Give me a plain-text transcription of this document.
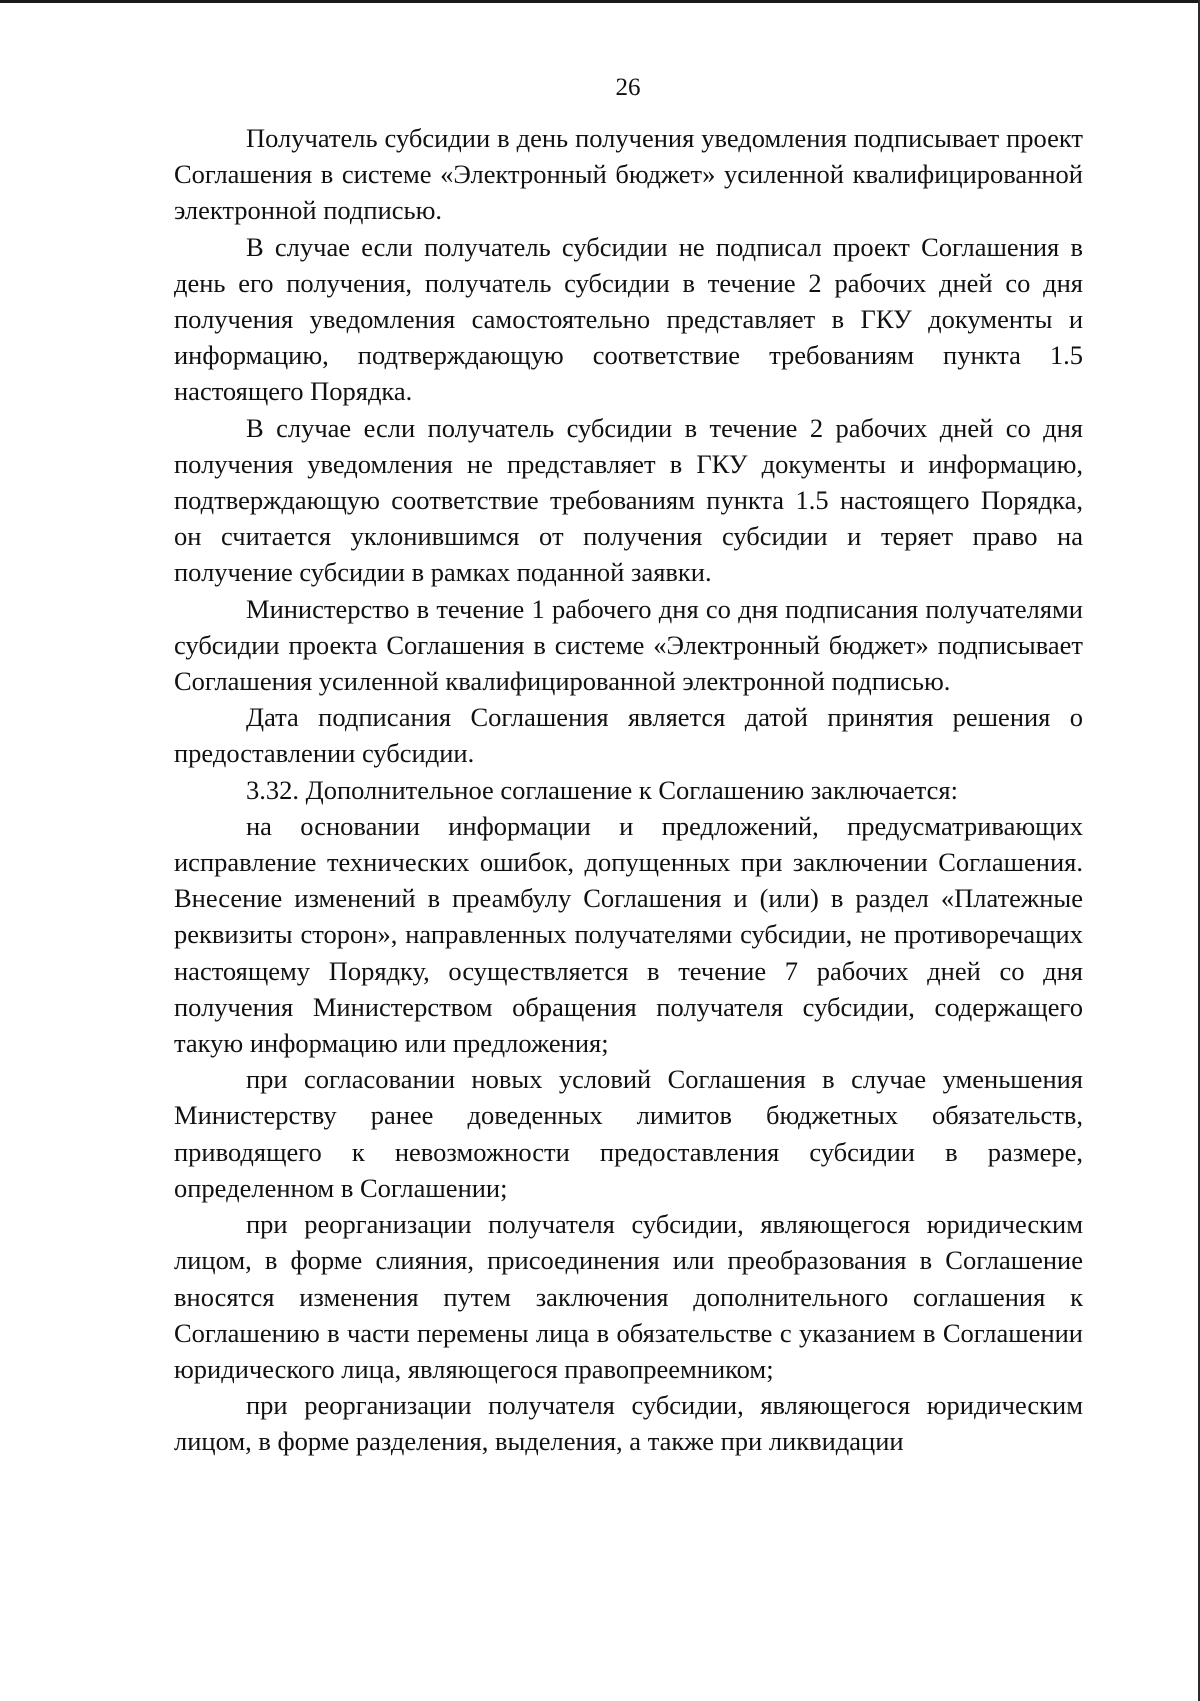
26

Получатель субсидии в день получения уведомления подписывает проект Соглашения в системе «Электронный бюджет» усиленной квалифицированной электронной подписью.

В случае если получатель субсидии не подписал проект Соглашения в день его получения, получатель субсидии в течение 2 рабочих дней со дня получения уведомления самостоятельно представляет в ГКУ документы и информацию, подтверждающую соответствие требованиям пункта 1.5 настоящего Порядка.

В случае если получатель субсидии в течение 2 рабочих дней со дня получения уведомления не представляет в ГКУ документы и информацию, подтверждающую соответствие требованиям пункта 1.5 настоящего Порядка, он считается уклонившимся от получения субсидии и теряет право на получение субсидии в рамках поданной заявки.

Министерство в течение 1 рабочего дня со дня подписания получателями субсидии проекта Соглашения в системе «Электронный бюджет» подписывает Соглашения усиленной квалифицированной электронной подписью.

Дата подписания Соглашения является датой принятия решения о предоставлении субсидии.

3.32. Дополнительное соглашение к Соглашению заключается:

на основании информации и предложений, предусматривающих исправление технических ошибок, допущенных при заключении Соглашения. Внесение изменений в преамбулу Соглашения и (или) в раздел «Платежные реквизиты сторон», направленных получателями субсидии, не противоречащих настоящему Порядку, осуществляется в течение 7 рабочих дней со дня получения Министерством обращения получателя субсидии, содержащего такую информацию или предложения;

при согласовании новых условий Соглашения в случае уменьшения Министерству ранее доведенных лимитов бюджетных обязательств, приводящего к невозможности предоставления субсидии в размере, определенном в Соглашении;

при реорганизации получателя субсидии, являющегося юридическим лицом, в форме слияния, присоединения или преобразования в Соглашение вносятся изменения путем заключения дополнительного соглашения к Соглашению в части перемены лица в обязательстве с указанием в Соглашении юридического лица, являющегося правопреемником;

при реорганизации получателя субсидии, являющегося юридическим лицом, в форме разделения, выделения, а также при ликвидации
